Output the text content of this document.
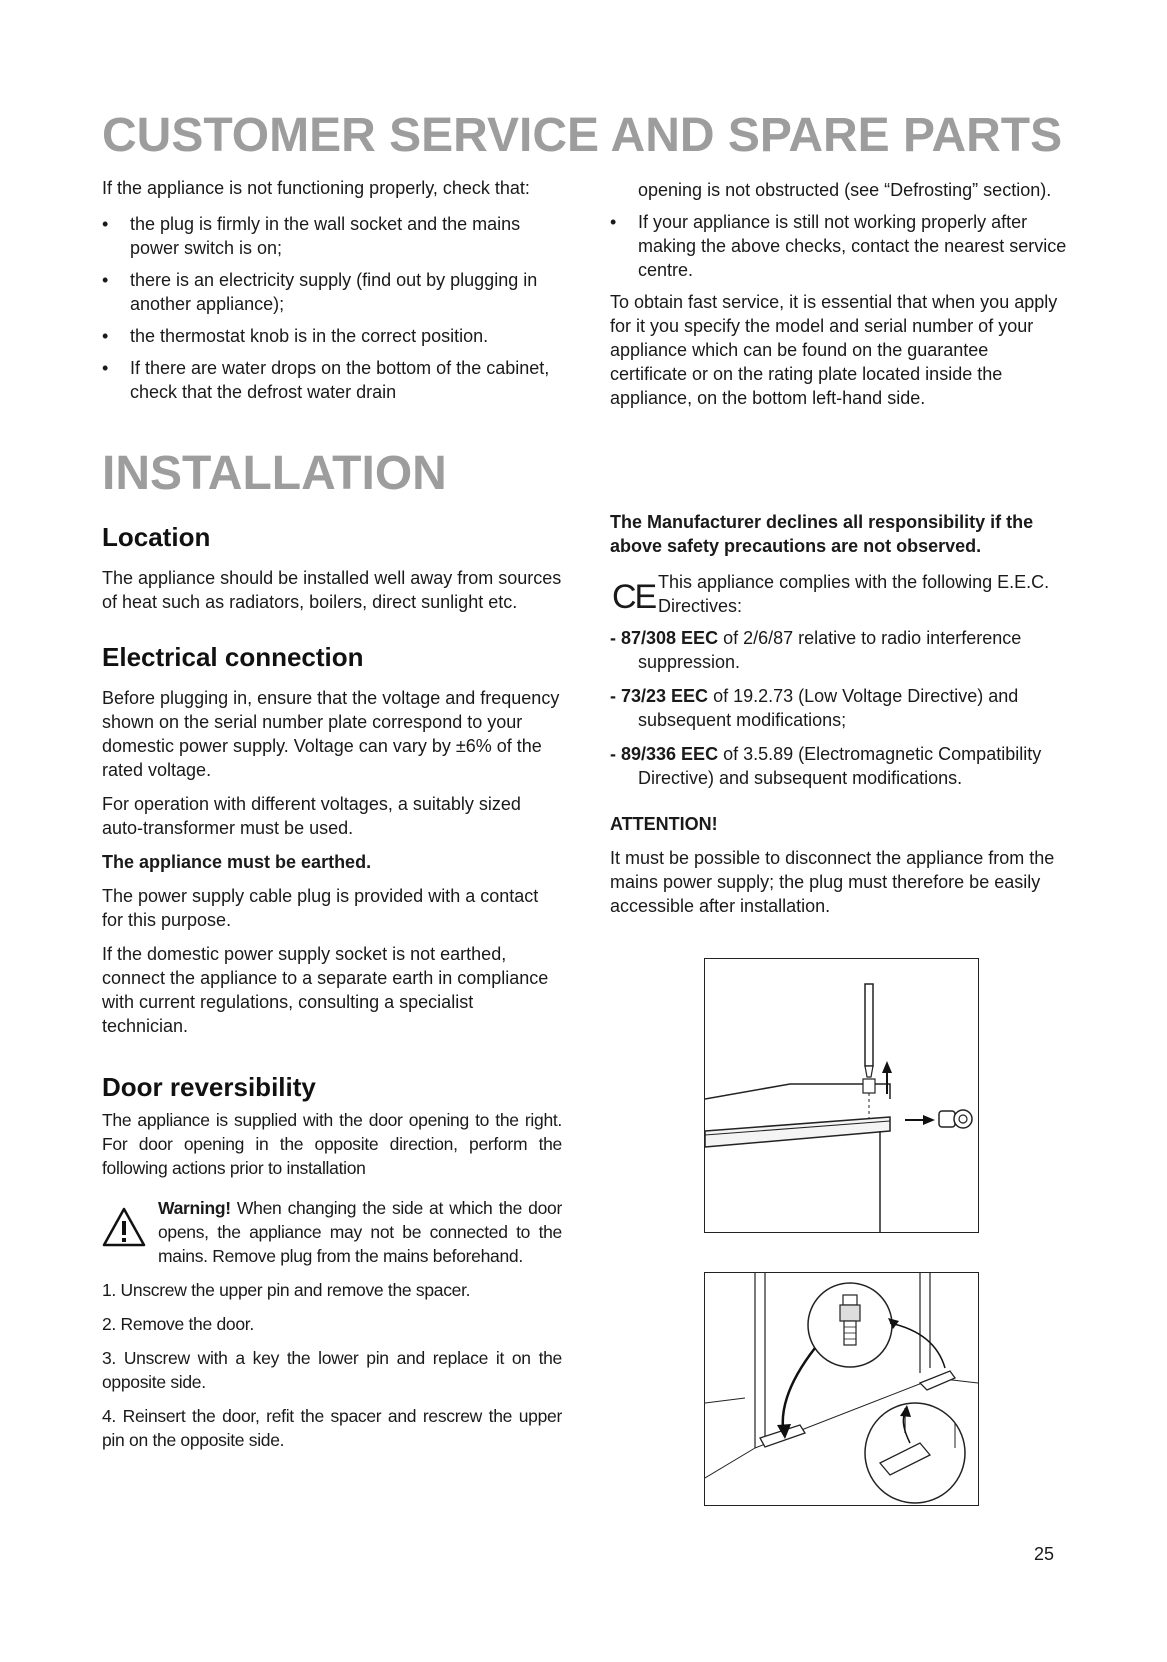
CUSTOMER SERVICE AND SPARE PARTS

If the appliance is not functioning properly, check that:

• the plug is firmly in the wall socket and the mains power switch is on;
• there is an electricity supply (find out by plugging in another appliance);
• the thermostat knob is in the correct position.
• If there are water drops on the bottom of the cabinet, check that the defrost water drain
opening is not obstructed (see “Defrosting” section).
• If your appliance is still not working properly after making the above checks, contact the nearest service centre.

To obtain fast service, it is essential that when you apply for it you specify the model and serial number of your appliance which can be found on the guarantee certificate or on the rating plate located inside the appliance, on the bottom left-hand side.

INSTALLATION
Location

The appliance should be installed well away from sources of heat such as radiators, boilers, direct sunlight etc.

Electrical connection

Before plugging in, ensure that the voltage and frequency shown on the serial number plate correspond to your domestic power supply. Voltage can vary by ±6% of the rated voltage.

For operation with different voltages, a suitably sized auto-transformer must be used.

The appliance must be earthed.

The power supply cable plug is provided with a contact for this purpose.

If the domestic power supply socket is not earthed, connect the appliance to a separate earth in compliance with current regulations, consulting a specialist technician.

Door reversibility

The appliance is supplied with the door opening to the right. For door opening in the opposite direction, perform the following actions prior to installation

Warning! When changing the side at which the door opens, the appliance may not be connected to the mains. Remove plug from the mains beforehand.

1. Unscrew the upper pin and remove the spacer.

2. Remove the door.

3. Unscrew with a key the lower pin and replace it on the opposite side.

4. Reinsert the door, refit the spacer and rescrew the upper pin on the opposite side.

The Manufacturer declines all responsibility if the above safety precautions are not observed.

CE This appliance complies with the following E.E.C. Directives:

- 87/308 EEC of 2/6/87 relative to radio interference suppression.

- 73/23 EEC of 19.2.73 (Low Voltage Directive) and subsequent modifications;

- 89/336 EEC of 3.5.89 (Electromagnetic Compatibility Directive) and subsequent modifications.

ATTENTION!

It must be possible to disconnect the appliance from the mains power supply; the plug must therefore be easily accessible after installation.

25
